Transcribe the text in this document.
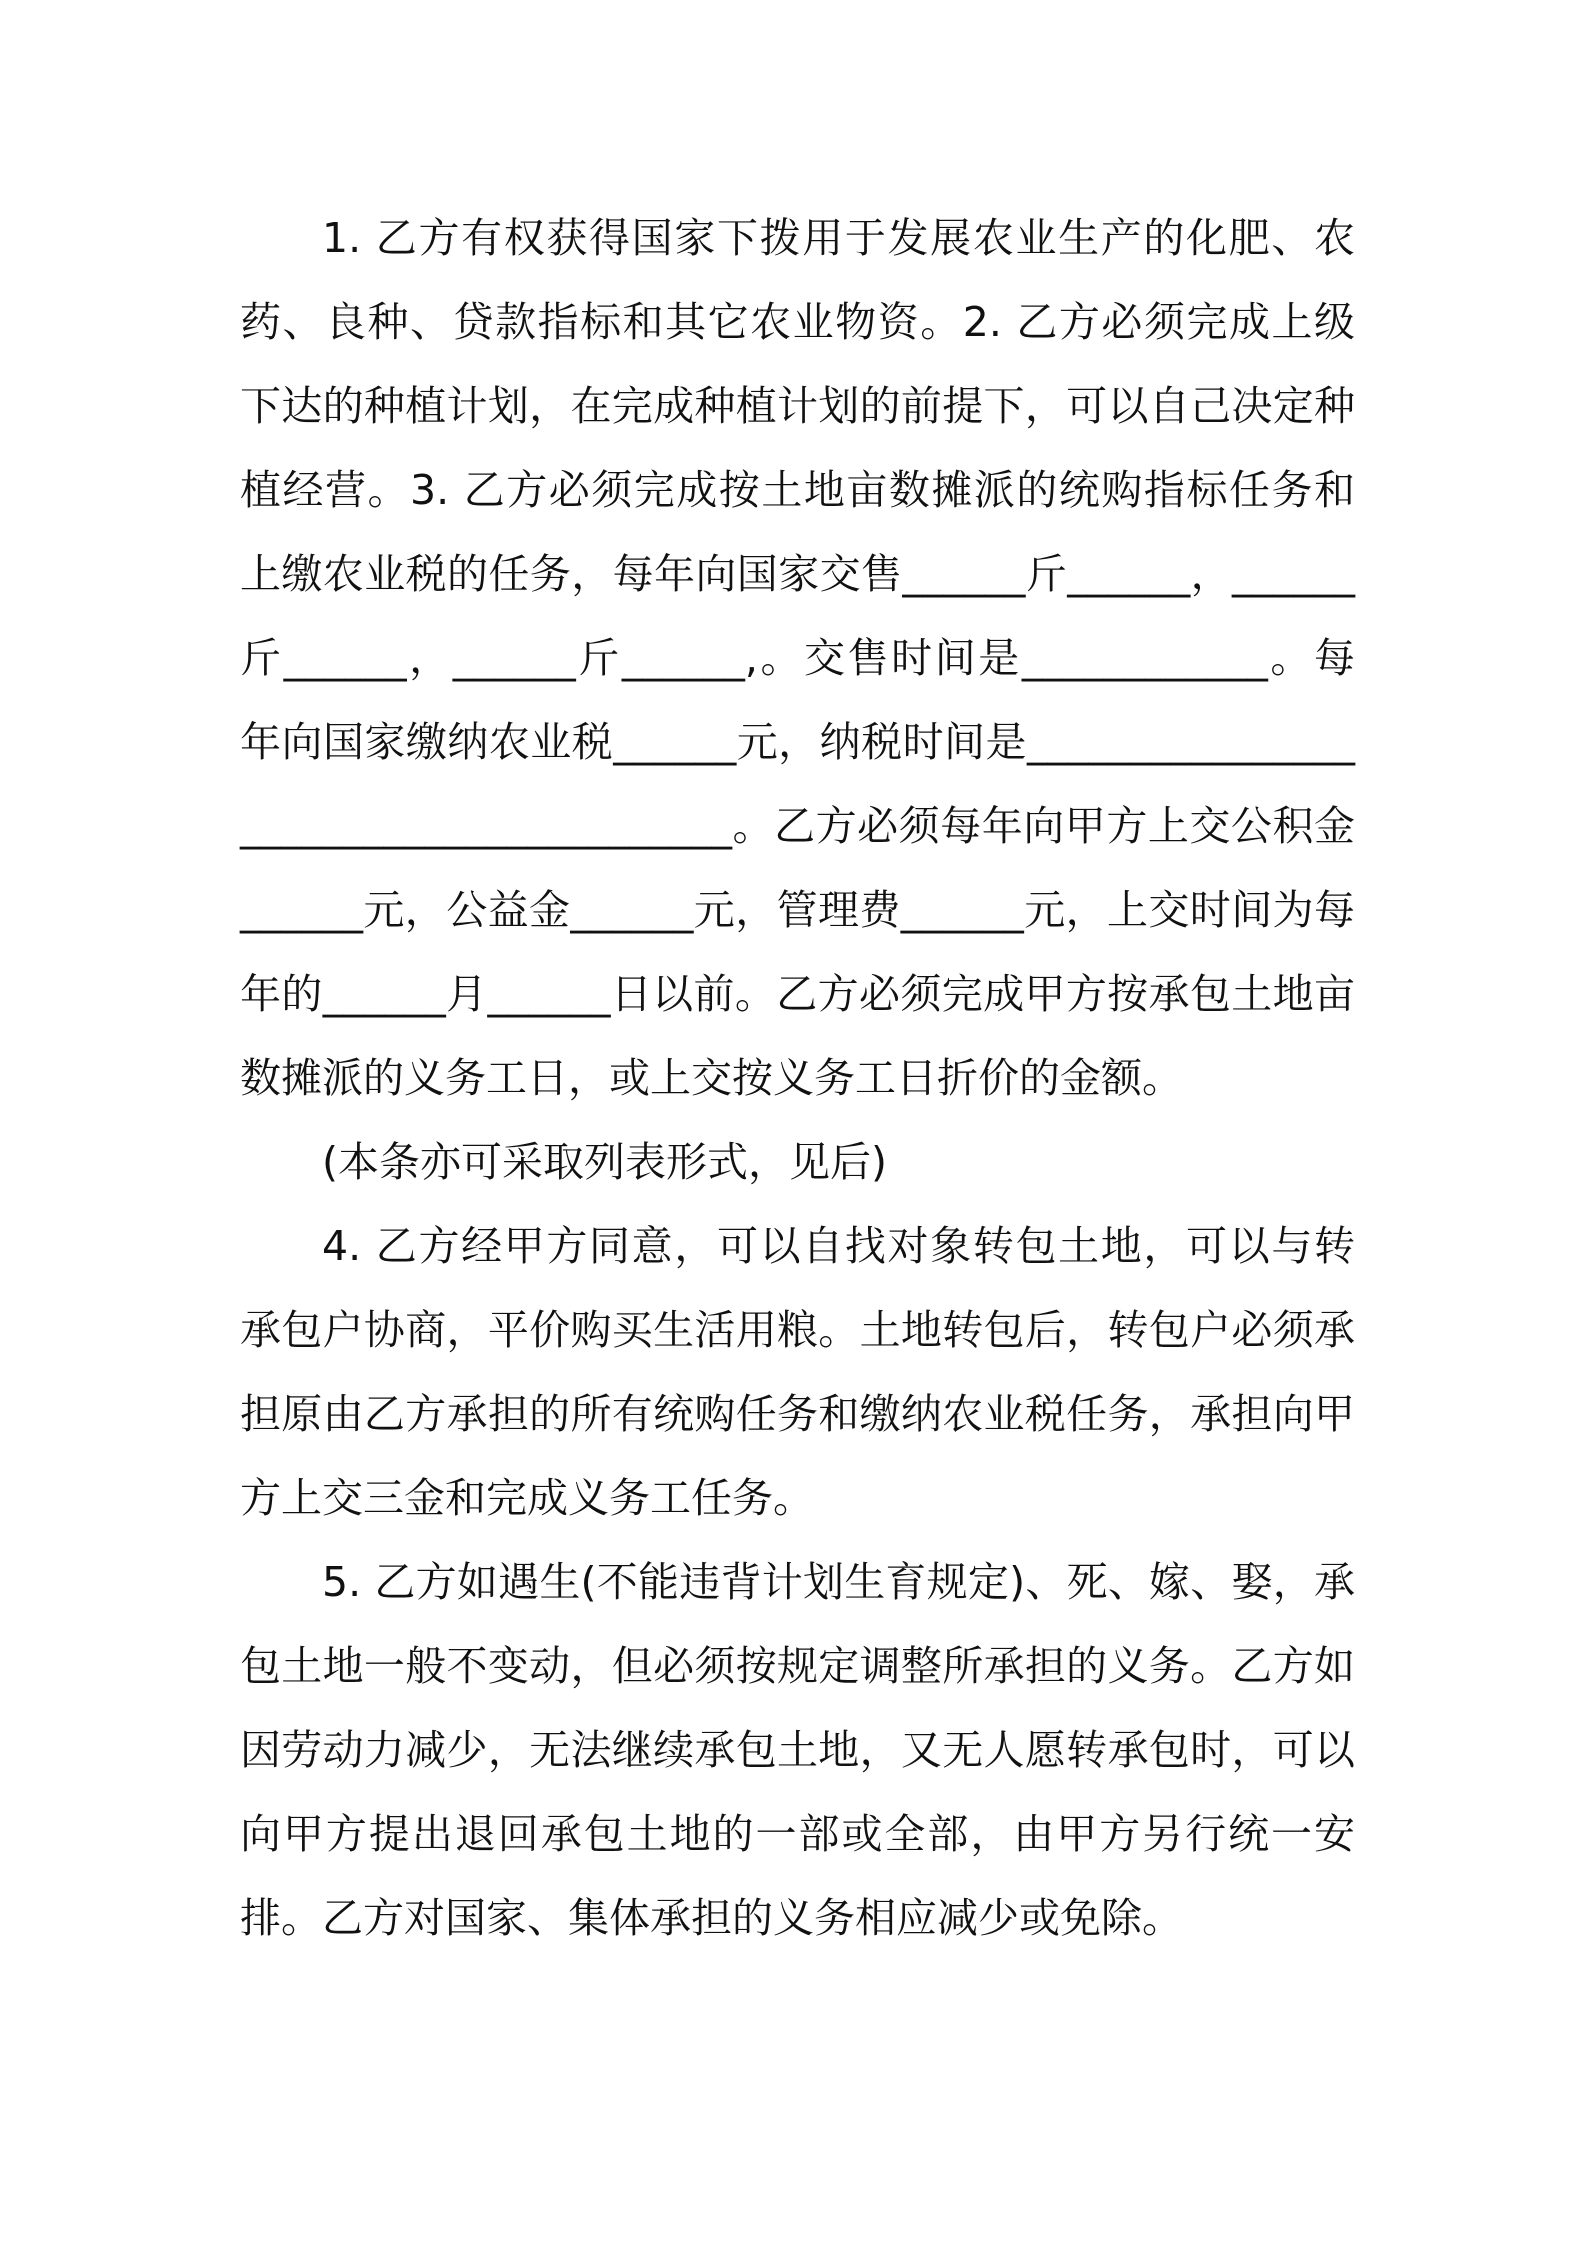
1. 乙方有权获得国家下拨用于发展农业生产的化肥、农药、良种、贷款指标和其它农业物资。2. 乙方必须完成上级下达的种植计划，在完成种植计划的前提下，可以自己决定种植经营。3. 乙方必须完成按土地亩数摊派的统购指标任务和上缴农业税的任务，每年向国家交售______斤______，______斤______，______斤______,。交售时间是____________。每年向国家缴纳农业税______元，纳税时间是________________________________________。乙方必须每年向甲方上交公积金______元，公益金______元，管理费______元，上交时间为每年的______月______日以前。乙方必须完成甲方按承包土地亩数摊派的义务工日，或上交按义务工日折价的金额。

(本条亦可采取列表形式，见后)

4. 乙方经甲方同意，可以自找对象转包土地，可以与转承包户协商，平价购买生活用粮。土地转包后，转包户必须承担原由乙方承担的所有统购任务和缴纳农业税任务，承担向甲方上交三金和完成义务工任务。

5. 乙方如遇生(不能违背计划生育规定)、死、嫁、娶，承包土地一般不变动，但必须按规定调整所承担的义务。乙方如因劳动力减少，无法继续承包土地，又无人愿转承包时，可以向甲方提出退回承包土地的一部或全部，由甲方另行统一安排。乙方对国家、集体承担的义务相应减少或免除。
